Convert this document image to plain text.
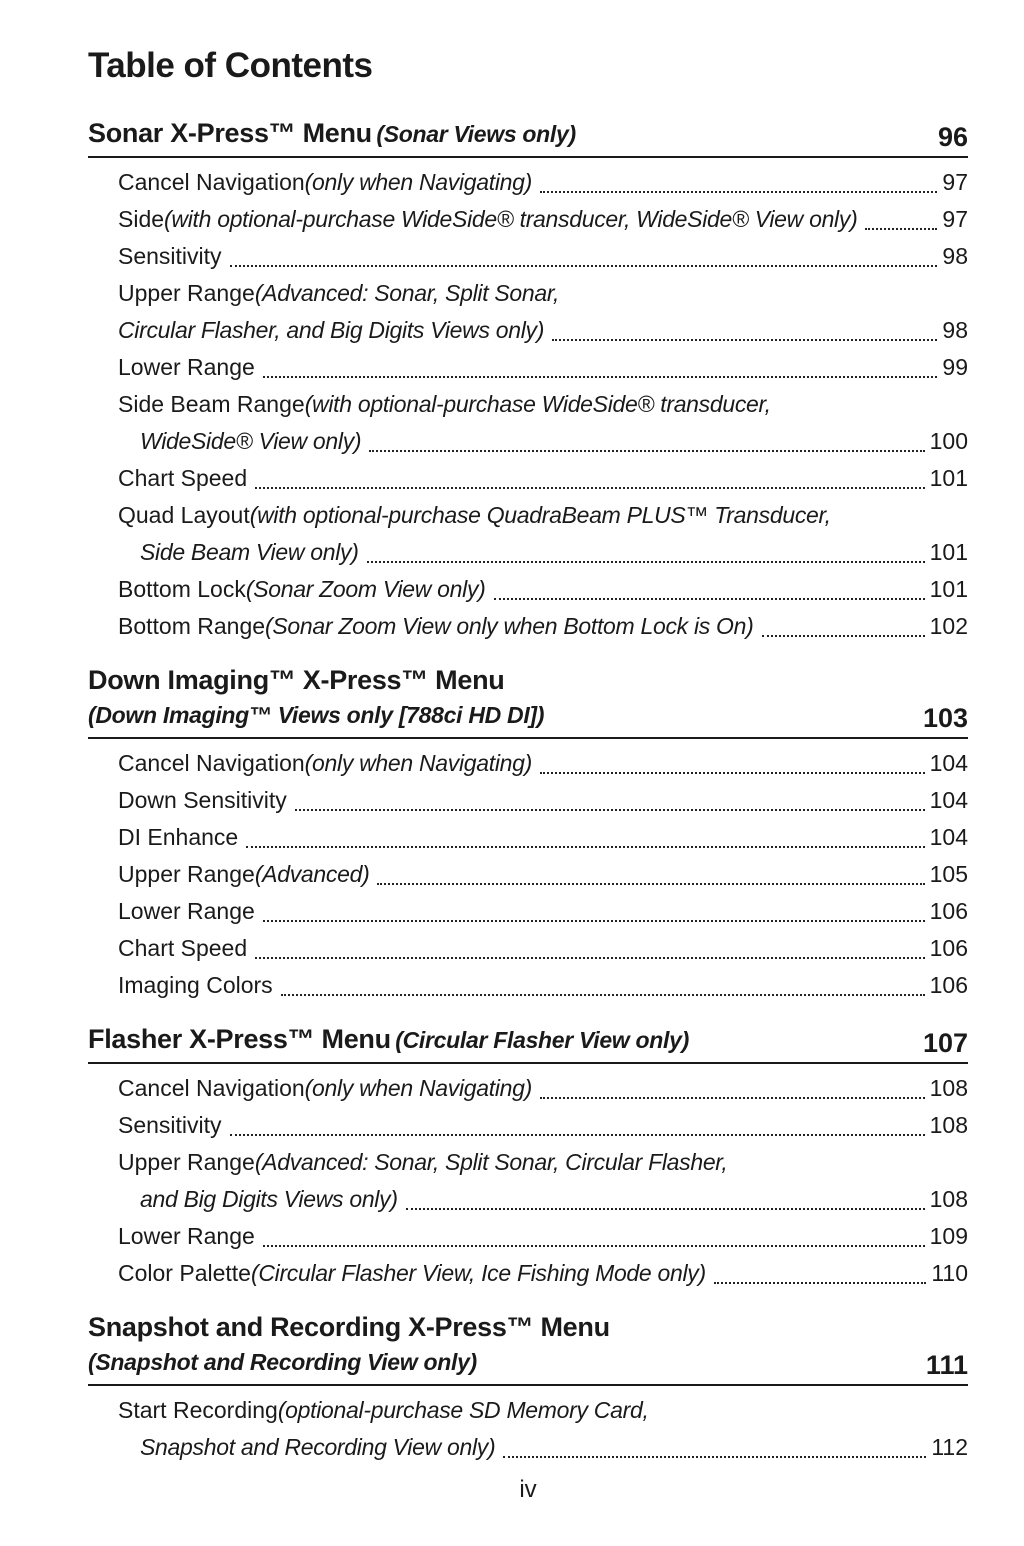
Table of Contents
Sonar X-Press™ Menu (Sonar Views only)	96
Cancel Navigation (only when Navigating)	97
Side (with optional-purchase WideSide® transducer, WideSide® View only)	97
Sensitivity	98
Upper Range (Advanced: Sonar, Split Sonar,
Circular Flasher, and Big Digits Views only)	98
Lower Range	99
Side Beam Range (with optional-purchase WideSide® transducer,
WideSide® View only)	100
Chart Speed	101
Quad Layout (with optional-purchase QuadraBeam PLUS™ Transducer,
Side Beam View only)	101
Bottom Lock (Sonar Zoom View only)	101
Bottom Range (Sonar Zoom View only when Bottom Lock is On)	102
Down Imaging™ X-Press™ Menu
(Down Imaging™ Views only [788ci HD DI])	103
Cancel Navigation (only when Navigating)	104
Down Sensitivity	104
DI Enhance	104
Upper Range (Advanced)	105
Lower Range	106
Chart Speed	106
Imaging Colors	106
Flasher X-Press™ Menu (Circular Flasher View only)	107
Cancel Navigation (only when Navigating)	108
Sensitivity	108
Upper Range (Advanced: Sonar, Split Sonar, Circular Flasher,
and Big Digits Views only)	108
Lower Range	109
Color Palette (Circular Flasher View, Ice Fishing Mode only)	110
Snapshot and Recording X-Press™ Menu
(Snapshot and Recording View only)	111
Start Recording (optional-purchase SD Memory Card,
Snapshot and Recording View only)	112
iv
